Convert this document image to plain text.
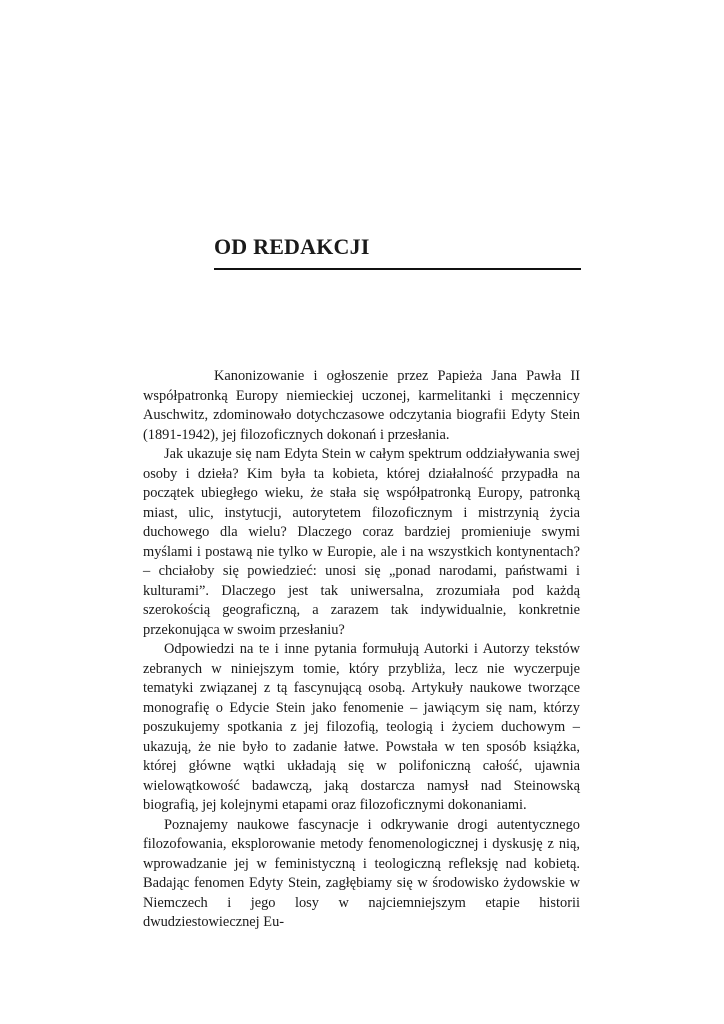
OD REDAKCJI

Kanonizowanie i ogłoszenie przez Papieża Jana Pawła II współpatronką Europy niemieckiej uczonej, karmelitanki i męczennicy Auschwitz, zdominowało dotychczasowe odczytania biografii Edyty Stein (1891-1942), jej filozoficznych dokonań i przesłania.

Jak ukazuje się nam Edyta Stein w całym spektrum oddziaływania swej osoby i dzieła? Kim była ta kobieta, której działalność przypadła na początek ubiegłego wieku, że stała się współpatronką Europy, patronką miast, ulic, instytucji, autorytetem filozoficznym i mistrzynią życia duchowego dla wielu? Dlaczego coraz bardziej promieniuje swymi myślami i postawą nie tylko w Europie, ale i na wszystkich kontynentach? – chciałoby się powiedzieć: unosi się „ponad narodami, państwami i kulturami”. Dlaczego jest tak uniwersalna, zrozumiała pod każdą szerokością geograficzną, a zarazem tak indywidualnie, konkretnie przekonująca w swoim przesłaniu?

Odpowiedzi na te i inne pytania formułują Autorki i Autorzy tekstów zebranych w niniejszym tomie, który przybliża, lecz nie wyczerpuje tematyki związanej z tą fascynującą osobą. Artykuły naukowe tworzące monografię o Edycie Stein jako fenomenie – jawiącym się nam, którzy poszukujemy spotkania z jej filozofią, teologią i życiem duchowym – ukazują, że nie było to zadanie łatwe. Powstała w ten sposób książka, której główne wątki układają się w polifoniczną całość, ujawnia wielowątkowość badawczą, jaką dostarcza namysł nad Steinowską biografią, jej kolejnymi etapami oraz filozoficznymi dokonaniami.

Poznajemy naukowe fascynacje i odkrywanie drogi autentycznego filozofowania, eksplorowanie metody fenomenologicznej i dyskusję z nią, wprowadzanie jej w feministyczną i teologiczną refleksję nad kobietą. Badając fenomen Edyty Stein, zagłębiamy się w środowisko żydowskie w Niemczech i jego losy w najciemniejszym etapie historii dwudziestowiecznej Eu-
